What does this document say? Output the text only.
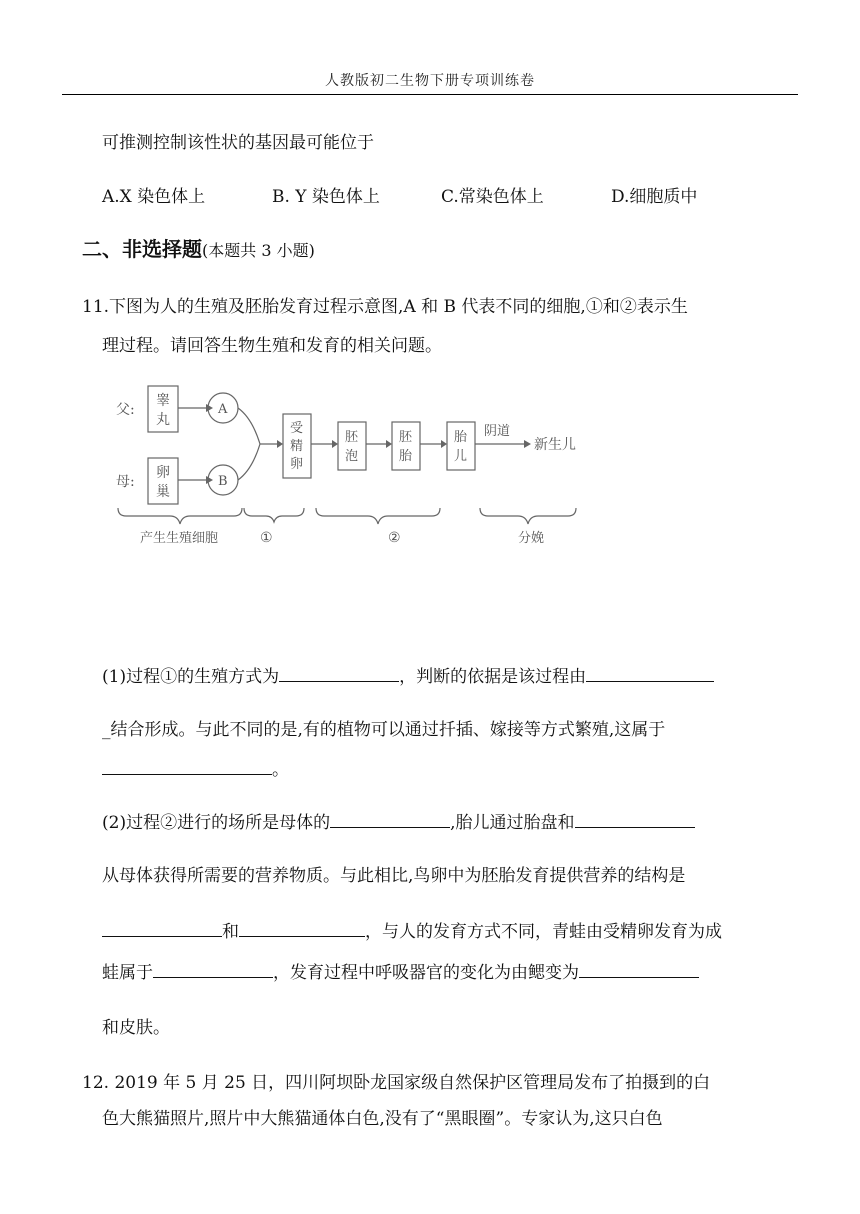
人教版初二生物下册专项训练卷
可推测控制该性状的基因最可能位于
A.X 染色体上	B. Y 染色体上	C.常染色体上	D.细胞质中
二、非选择题(本题共 3 小题)
11.下图为人的生殖及胚胎发育过程示意图,A 和 B 代表不同的细胞,①和②表示生
理过程。请回答生物生殖和发育的相关问题。
父:
母:
睾
丸
卵
巢
A
B
受
精
卵
胚
泡
胚
胎
胎
儿
阴道
新生儿
产生生殖细胞	①	②	分娩
(1)过程①的生殖方式为	，判断的依据是该过程由
_结合形成。与此不同的是,有的植物可以通过扦插、嫁接等方式繁殖,这属于
。
(2)过程②进行的场所是母体的	,胎儿通过胎盘和
从母体获得所需要的营养物质。与此相比,鸟卵中为胚胎发育提供营养的结构是
和	，与人的发育方式不同，青蛙由受精卵发育为成
蛙属于	，发育过程中呼吸器官的变化为由鳃变为
和皮肤。
12. 2019 年 5 月 25 日，四川阿坝卧龙国家级自然保护区管理局发布了拍摄到的白
色大熊猫照片,照片中大熊猫通体白色,没有了“黑眼圈”。专家认为,这只白色
